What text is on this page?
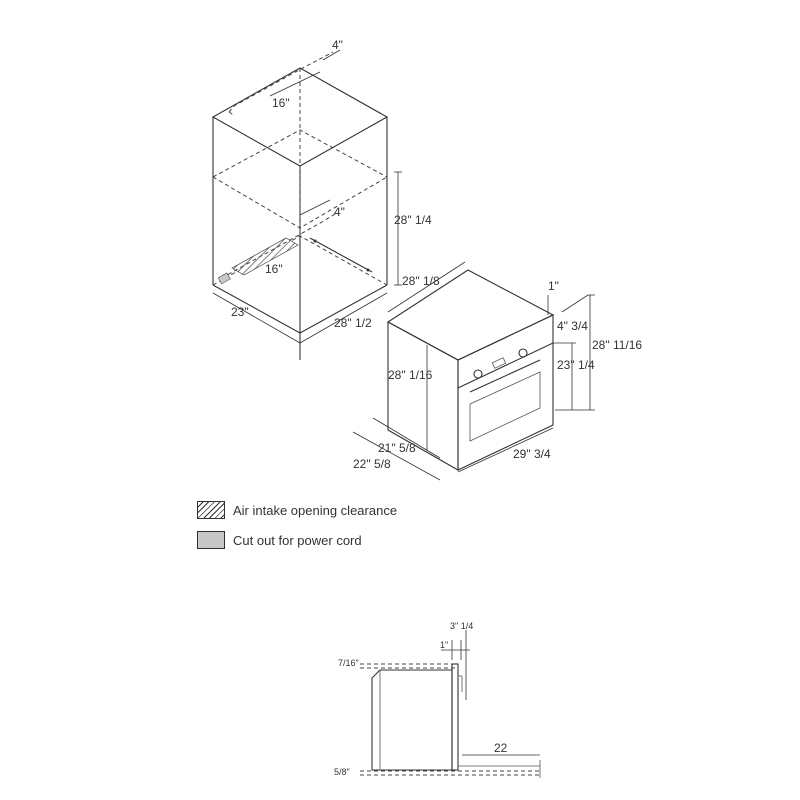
4"
16"
28" 1/4
4"
16"
23"
28" 1/2
28" 1/8	1"
4" 3/4
28" 11/16
23" 1/4
28" 1/16
21" 5/8
22" 5/8
29" 3/4
3" 1/4
1"
7/16"
5/8"
22
Air intake opening clearance
Cut out for power cord
